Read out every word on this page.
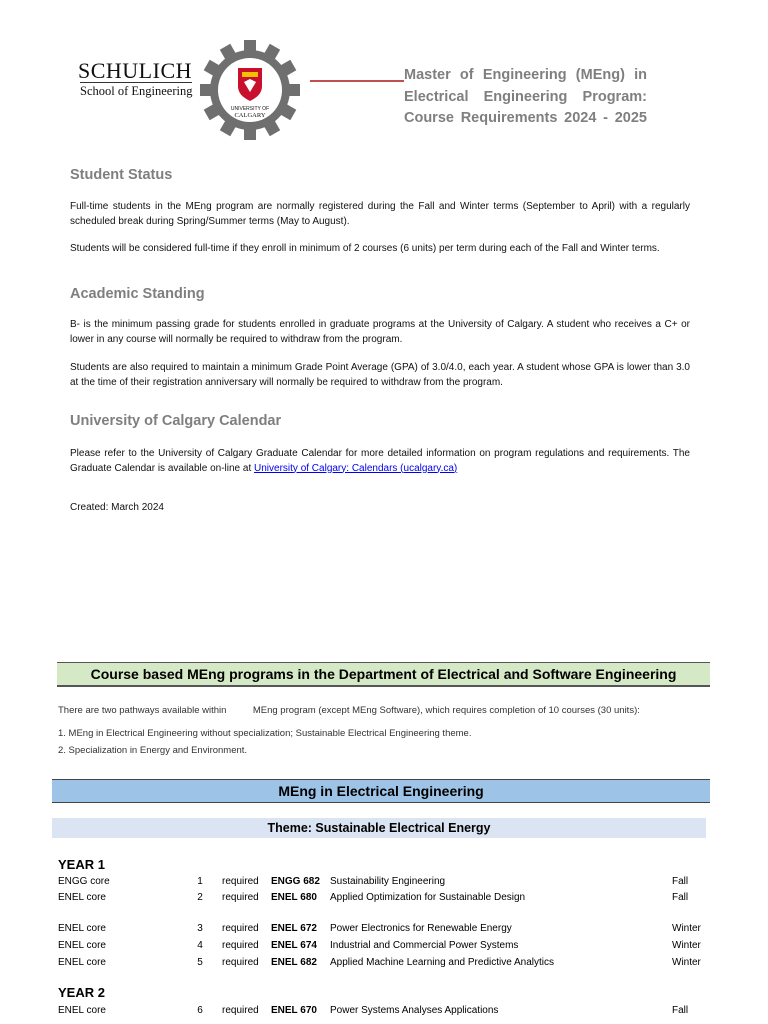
SCHULICH
School of Engineering
UNIVERSITY OF
CALGARY
Master of Engineering (MEng) in
Electrical Engineering Program:
Course Requirements 2024 - 2025
Student Status
Full-time students in the MEng program are normally registered during the Fall and Winter terms (September to April) with a regularly scheduled break during Spring/Summer terms (May to August).
Students will be considered full-time if they enroll in minimum of 2 courses (6 units) per term during each of the Fall and Winter terms.
Academic Standing
B- is the minimum passing grade for students enrolled in graduate programs at the University of Calgary. A student who receives a C+ or lower in any course will normally be required to withdraw from the program.
Students are also required to maintain a minimum Grade Point Average (GPA) of 3.0/4.0, each year. A student whose GPA is lower than 3.0 at the time of their registration anniversary will normally be required to withdraw from the program.
University of Calgary Calendar
Please refer to the University of Calgary Graduate Calendar for more detailed information on program regulations and requirements. The Graduate Calendar is available on-line at University of Calgary: Calendars (ucalgary.ca)
Created: March 2024
Course based MEng programs in the Department of Electrical and Software Engineering
There are two pathways available within          MEng program (except MEng Software), which requires completion of 10 courses (30 units):
1. MEng in Electrical Engineering without specialization; Sustainable Electrical Engineering theme.
2. Specialization in Energy and Environment.
MEng in Electrical Engineering
Theme: Sustainable Electrical Energy
YEAR 1
ENGG core	1	required ENGG 682 Sustainability Engineering	Fall
ENEL core	2	required ENEL 680 Applied Optimization for Sustainable Design	Fall
ENEL core	3	required ENEL 672 Power Electronics for Renewable Energy	Winter
ENEL core	4	required ENEL 674 Industrial and Commercial Power Systems	Winter
ENEL core	5	required ENEL 682 Applied Machine Learning and Predictive Analytics	Winter
YEAR 2
ENEL core	6	required ENEL 670 Power Systems Analyses Applications	Fall
